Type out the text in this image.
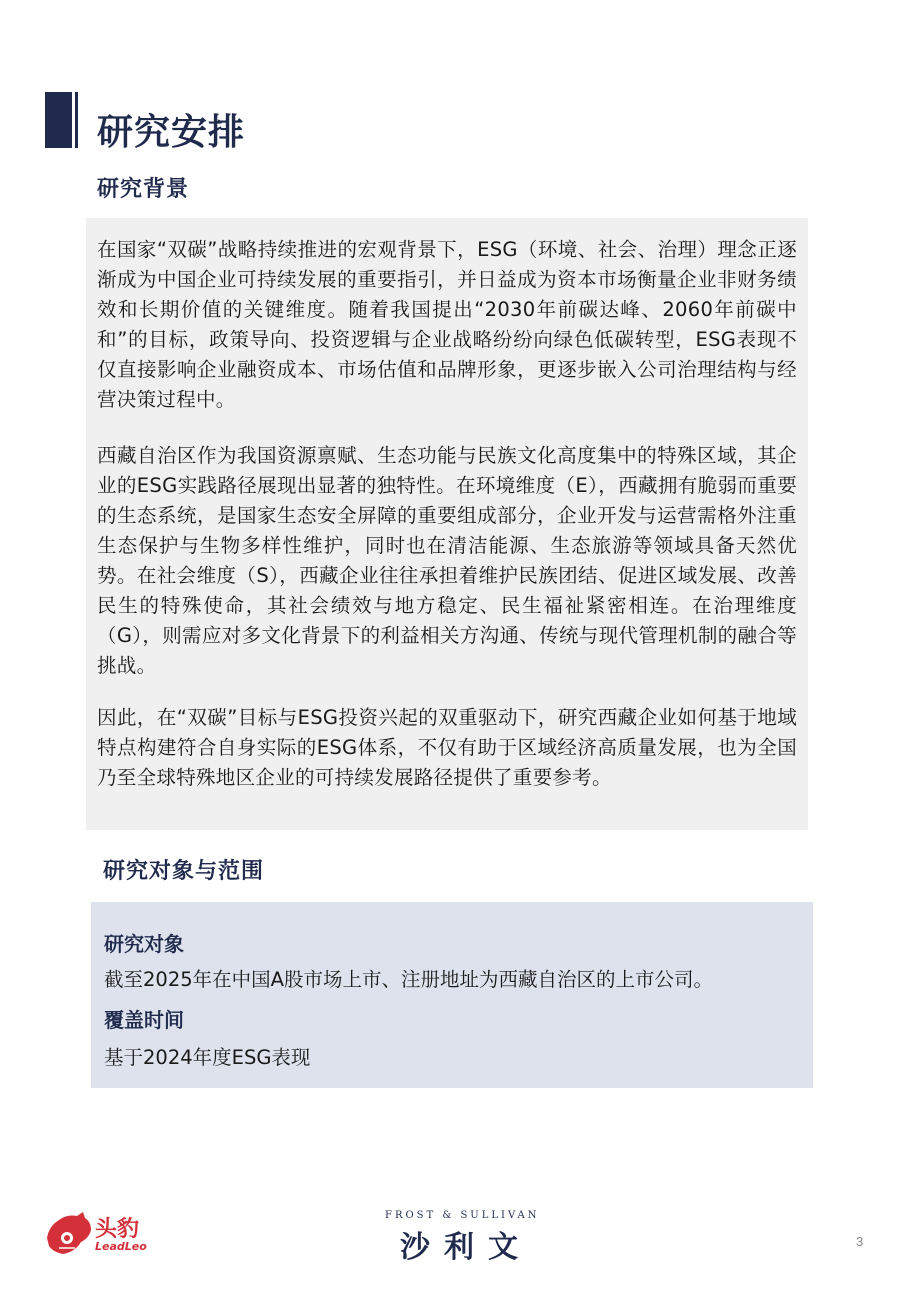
研究安排
研究背景
在国家“双碳”战略持续推进的宏观背景下，ESG（环境、社会、治理）理念正逐渐成为中国企业可持续发展的重要指引，并日益成为资本市场衡量企业非财务绩效和长期价值的关键维度。随着我国提出“2030年前碳达峰、2060年前碳中和”的目标，政策导向、投资逻辑与企业战略纷纷向绿色低碳转型，ESG表现不仅直接影响企业融资成本、市场估值和品牌形象，更逐步嵌入公司治理结构与经营决策过程中。
西藏自治区作为我国资源禀赋、生态功能与民族文化高度集中的特殊区域，其企业的ESG实践路径展现出显著的独特性。在环境维度（E），西藏拥有脆弱而重要的生态系统，是国家生态安全屏障的重要组成部分，企业开发与运营需格外注重生态保护与生物多样性维护，同时也在清洁能源、生态旅游等领域具备天然优势。在社会维度（S），西藏企业往往承担着维护民族团结、促进区域发展、改善民生的特殊使命，其社会绩效与地方稳定、民生福祉紧密相连。在治理维度（G），则需应对多文化背景下的利益相关方沟通、传统与现代管理机制的融合等挑战。
因此，在“双碳”目标与ESG投资兴起的双重驱动下，研究西藏企业如何基于地域特点构建符合自身实际的ESG体系，不仅有助于区域经济高质量发展，也为全国乃至全球特殊地区企业的可持续发展路径提供了重要参考。
研究对象与范围
研究对象
截至2025年在中国A股市场上市、注册地址为西藏自治区的上市公司。
覆盖时间
基于2024年度ESG表现
头豹
LeadLeo
FROST & SULLIVAN
沙利文	3
